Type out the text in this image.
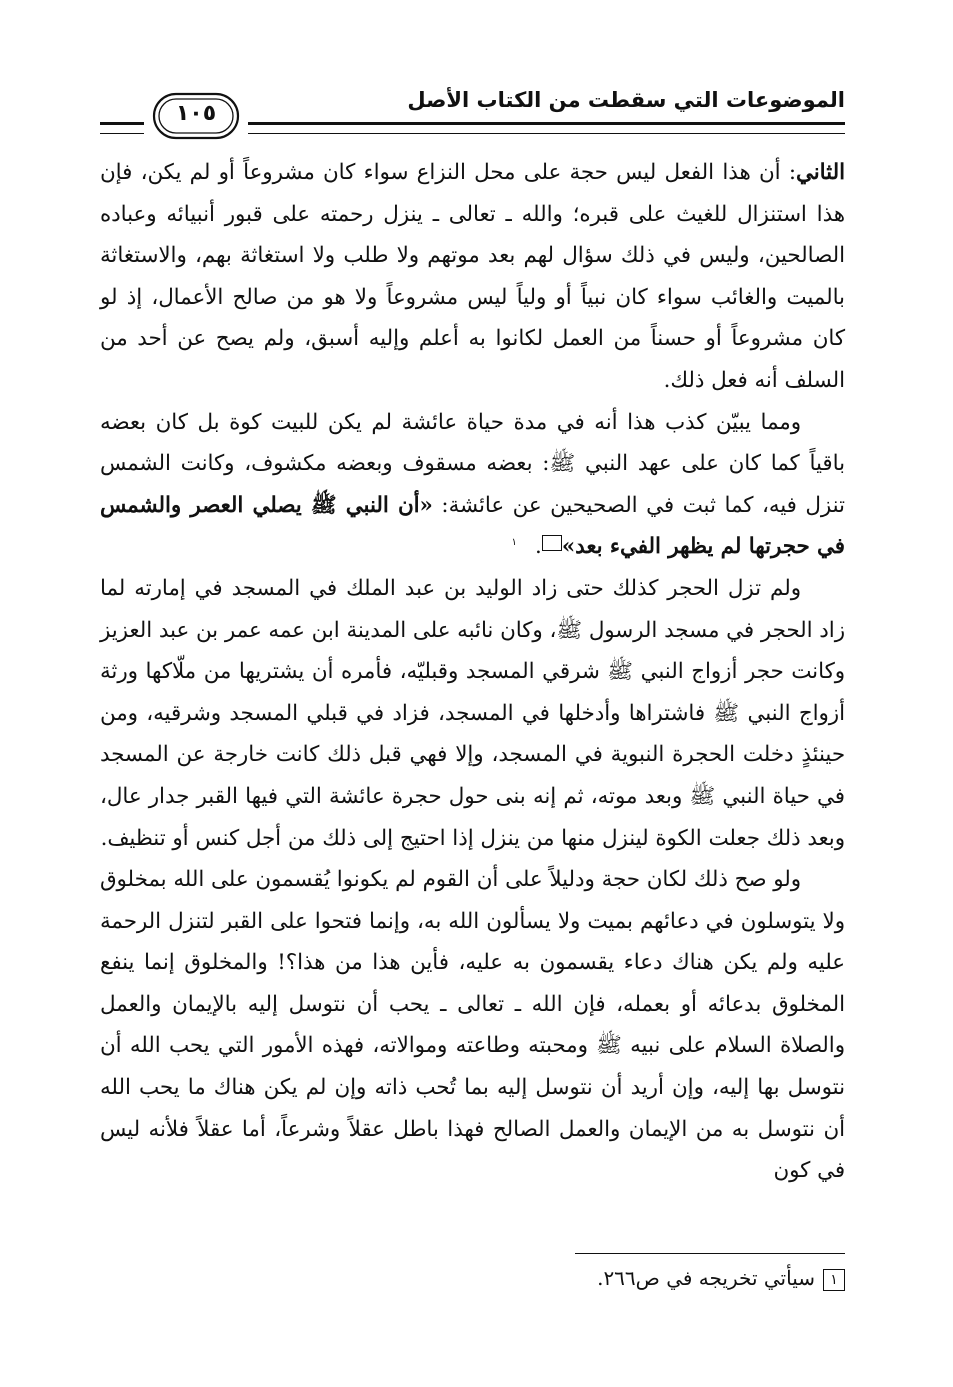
الموضوعات التي سقطت من الكتاب الأصل
١٠٥

الثاني: أن هذا الفعل ليس حجة على محل النزاع سواء كان مشروعاً أو لم يكن، فإن هذا استنزال للغيث على قبره؛ والله ـ تعالى ـ ينزل رحمته على قبور أنبيائه وعباده الصالحين، وليس في ذلك سؤال لهم بعد موتهم ولا طلب ولا استغاثة بهم، والاستغاثة بالميت والغائب سواء كان نبياً أو ولياً ليس مشروعاً ولا هو من صالح الأعمال، إذ لو كان مشروعاً أو حسناً من العمل لكانوا به أعلم وإليه أسبق، ولم يصح عن أحد من السلف أنه فعل ذلك.

ومما يبيّن كذب هذا أنه في مدة حياة عائشة لم يكن للبيت كوة بل كان بعضه باقياً كما كان على عهد النبي ﷺ: بعضه مسقوف وبعضه مكشوف، وكانت الشمس تنزل فيه، كما ثبت في الصحيحين عن عائشة: «أن النبي ﷺ يصلي العصر والشمس في حجرتها لم يظهر الفيء بعد»١ .

ولم تزل الحجر كذلك حتى زاد الوليد بن عبد الملك في المسجد في إمارته لما زاد الحجر في مسجد الرسول ﷺ، وكان نائبه على المدينة ابن عمه عمر بن عبد العزيز وكانت حجر أزواج النبي ﷺ شرقي المسجد وقبليّه، فأمره أن يشتريها من ملّاكها ورثة أزواج النبي ﷺ فاشتراها وأدخلها في المسجد، فزاد في قبلي المسجد وشرقيه، ومن حينئذٍ دخلت الحجرة النبوية في المسجد، وإلا فهي قبل ذلك كانت خارجة عن المسجد في حياة النبي ﷺ وبعد موته، ثم إنه بنى حول حجرة عائشة التي فيها القبر جدار عال، وبعد ذلك جعلت الكوة لينزل منها من ينزل إذا احتيج إلى ذلك من أجل كنس أو تنظيف.

ولو صح ذلك لكان حجة ودليلاً على أن القوم لم يكونوا يُقسمون على الله بمخلوق ولا يتوسلون في دعائهم بميت ولا يسألون الله به، وإنما فتحوا على القبر لتنزل الرحمة عليه ولم يكن هناك دعاء يقسمون به عليه، فأين هذا من هذا؟! والمخلوق إنما ينفع المخلوق بدعائه أو بعمله، فإن الله ـ تعالى ـ يحب أن نتوسل إليه بالإيمان والعمل والصلاة السلام على نبيه ﷺ ومحبته وطاعته وموالاته، فهذه الأمور التي يحب الله أن نتوسل بها إليه، وإن أريد أن نتوسل إليه بما تُحب ذاته وإن لم يكن هناك ما يحب الله أن نتوسل به من الإيمان والعمل الصالح فهذا باطل عقلاً وشرعاً، أما عقلاً فلأنه ليس في كون

١سيأتي تخريجه في ص٢٦٦.
